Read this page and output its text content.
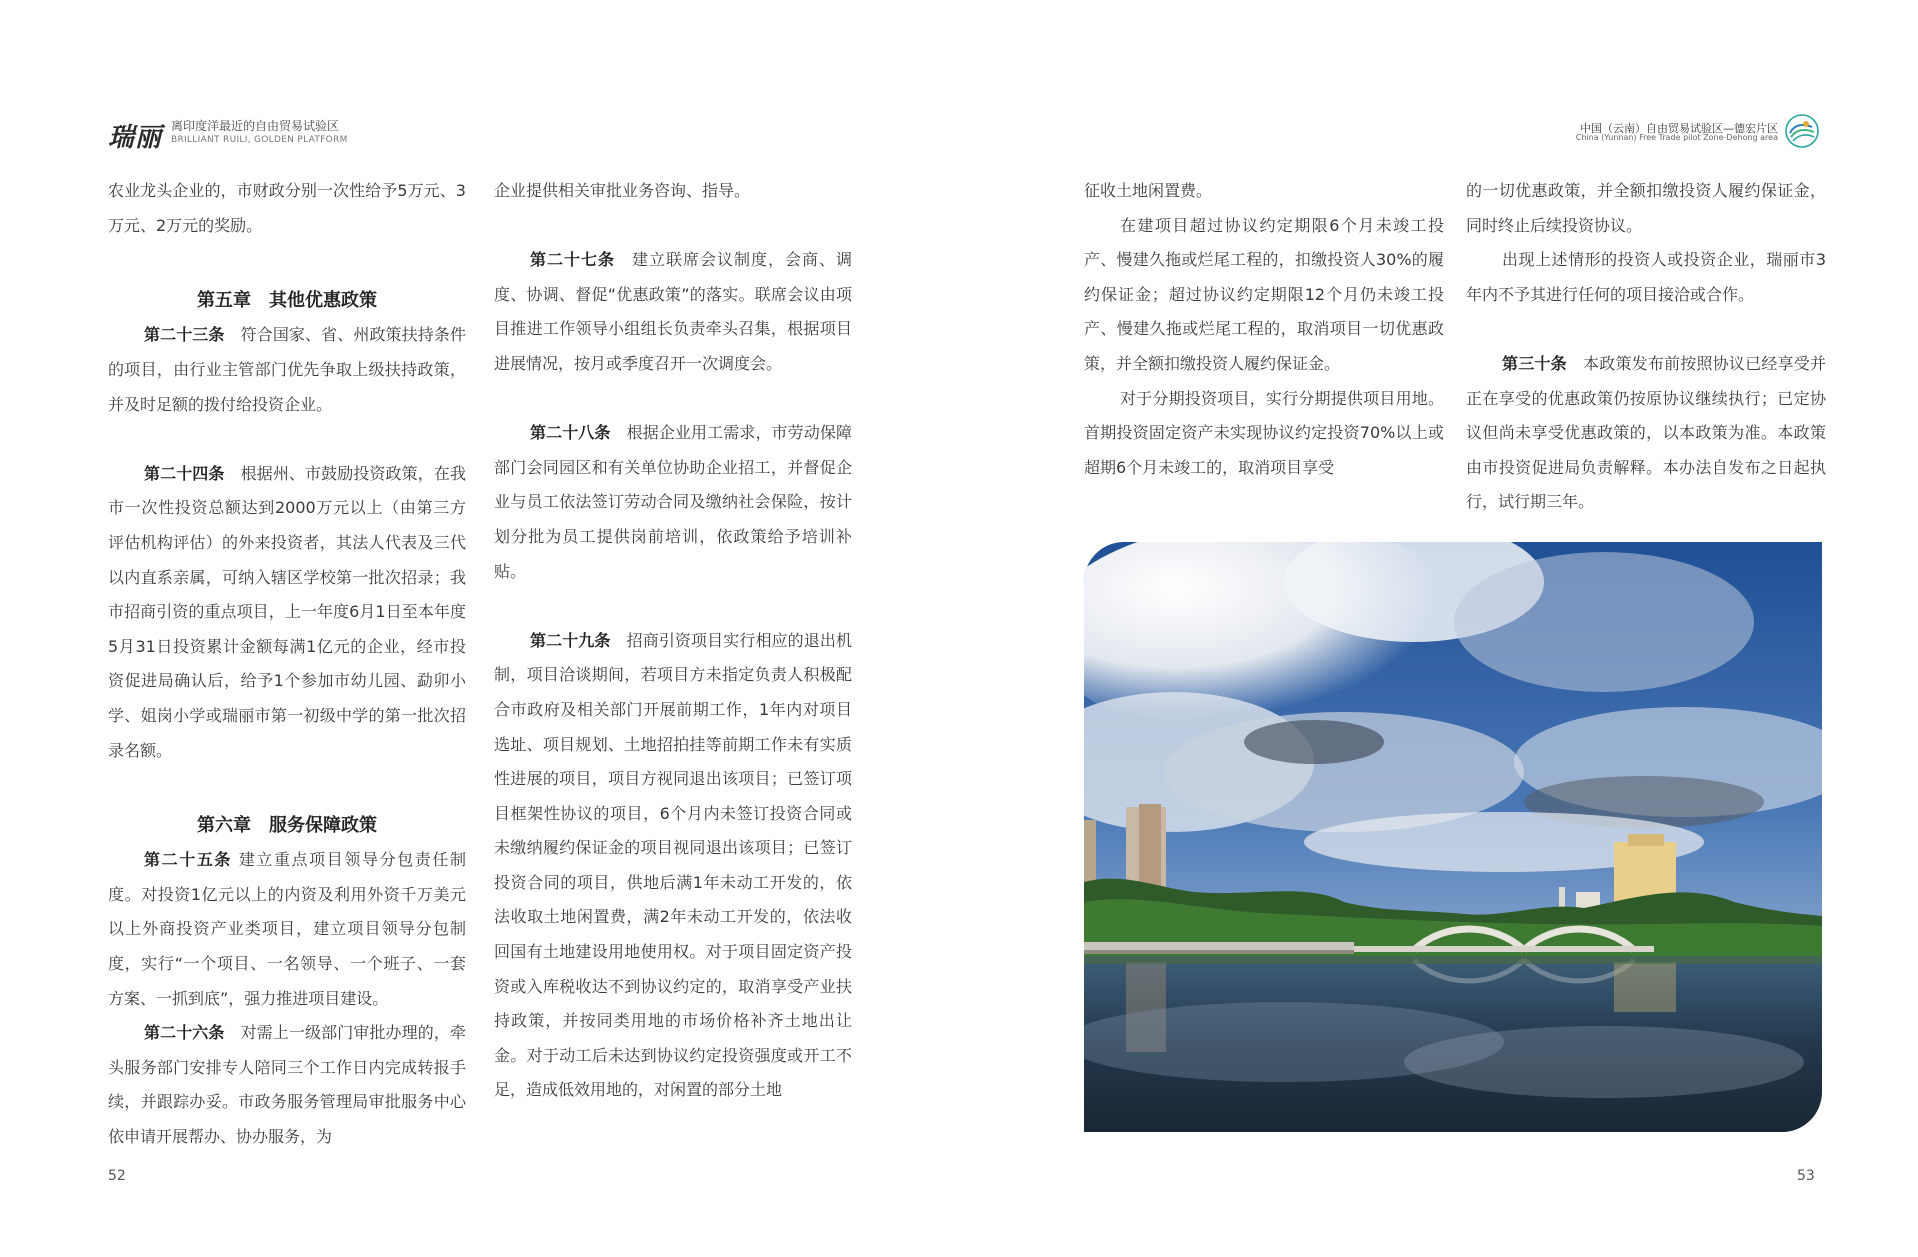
瑞丽 离印度洋最近的自由贸易试验区
BRILLIANT RUILI, GOLDEN PLATFORM
中国（云南）自由贸易试验区—德宏片区
China (Yunnan) Free Trade pilot Zone-Dehong area

农业龙头企业的，市财政分别一次性给予5万元、3万元、2万元的奖励。

第五章　其他优惠政策

第二十三条　 符合国家、省、州政策扶持条件的项目，由行业主管部门优先争取上级扶持政策，并及时足额的拨付给投资企业。

第二十四条　 根据州、市鼓励投资政策，在我市一次性投资总额达到2000万元以上（由第三方评估机构评估）的外来投资者，其法人代表及三代以内直系亲属，可纳入辖区学校第一批次招录；我市招商引资的重点项目，上一年度6月1日至本年度5月31日投资累计金额每满1亿元的企业，经市投资促进局确认后，给予1个参加市幼儿园、勐卯小学、姐岗小学或瑞丽市第一初级中学的第一批次招录名额。

第六章　服务保障政策

第二十五条 建立重点项目领导分包责任制度。对投资1亿元以上的内资及利用外资千万美元以上外商投资产业类项目，建立项目领导分包制度，实行“一个项目、一名领导、一个班子、一套方案、一抓到底”，强力推进项目建设。

第二十六条　 对需上一级部门审批办理的，牵头服务部门安排专人陪同三个工作日内完成转报手续，并跟踪办妥。市政务服务管理局审批服务中心依申请开展帮办、协办服务，为

企业提供相关审批业务咨询、指导。

第二十七条　 建立联席会议制度，会商、调度、协调、督促“优惠政策”的落实。联席会议由项目推进工作领导小组组长负责牵头召集，根据项目进展情况，按月或季度召开一次调度会。

第二十八条　 根据企业用工需求，市劳动保障部门会同园区和有关单位协助企业招工，并督促企业与员工依法签订劳动合同及缴纳社会保险，按计划分批为员工提供岗前培训，依政策给予培训补贴。

第二十九条　 招商引资项目实行相应的退出机制，项目洽谈期间，若项目方未指定负责人积极配合市政府及相关部门开展前期工作，1年内对项目选址、项目规划、土地招拍挂等前期工作未有实质性进展的项目，项目方视同退出该项目；已签订项目框架性协议的项目，6个月内未签订投资合同或未缴纳履约保证金的项目视同退出该项目；已签订投资合同的项目，供地后满1年未动工开发的，依法收取土地闲置费，满2年未动工开发的，依法收回国有土地建设用地使用权。对于项目固定资产投资或入库税收达不到协议约定的，取消享受产业扶持政策，并按同类用地的市场价格补齐土地出让金。对于动工后未达到协议约定投资强度或开工不足，造成低效用地的，对闲置的部分土地

征收土地闲置费。

在建项目超过协议约定期限6个月未竣工投产、慢建久拖或烂尾工程的，扣缴投资人30%的履约保证金；超过协议约定期限12个月仍未竣工投产、慢建久拖或烂尾工程的，取消项目一切优惠政策，并全额扣缴投资人履约保证金。

对于分期投资项目，实行分期提供项目用地。首期投资固定资产未实现协议约定投资70%以上或超期6个月未竣工的，取消项目享受

的一切优惠政策，并全额扣缴投资人履约保证金，同时终止后续投资协议。

出现上述情形的投资人或投资企业，瑞丽市3年内不予其进行任何的项目接洽或合作。

第三十条　 本政策发布前按照协议已经享受并正在享受的优惠政策仍按原协议继续执行；已定协议但尚未享受优惠政策的，以本政策为准。本政策由市投资促进局负责解释。本办法自发布之日起执行，试行期三年。

52	53
